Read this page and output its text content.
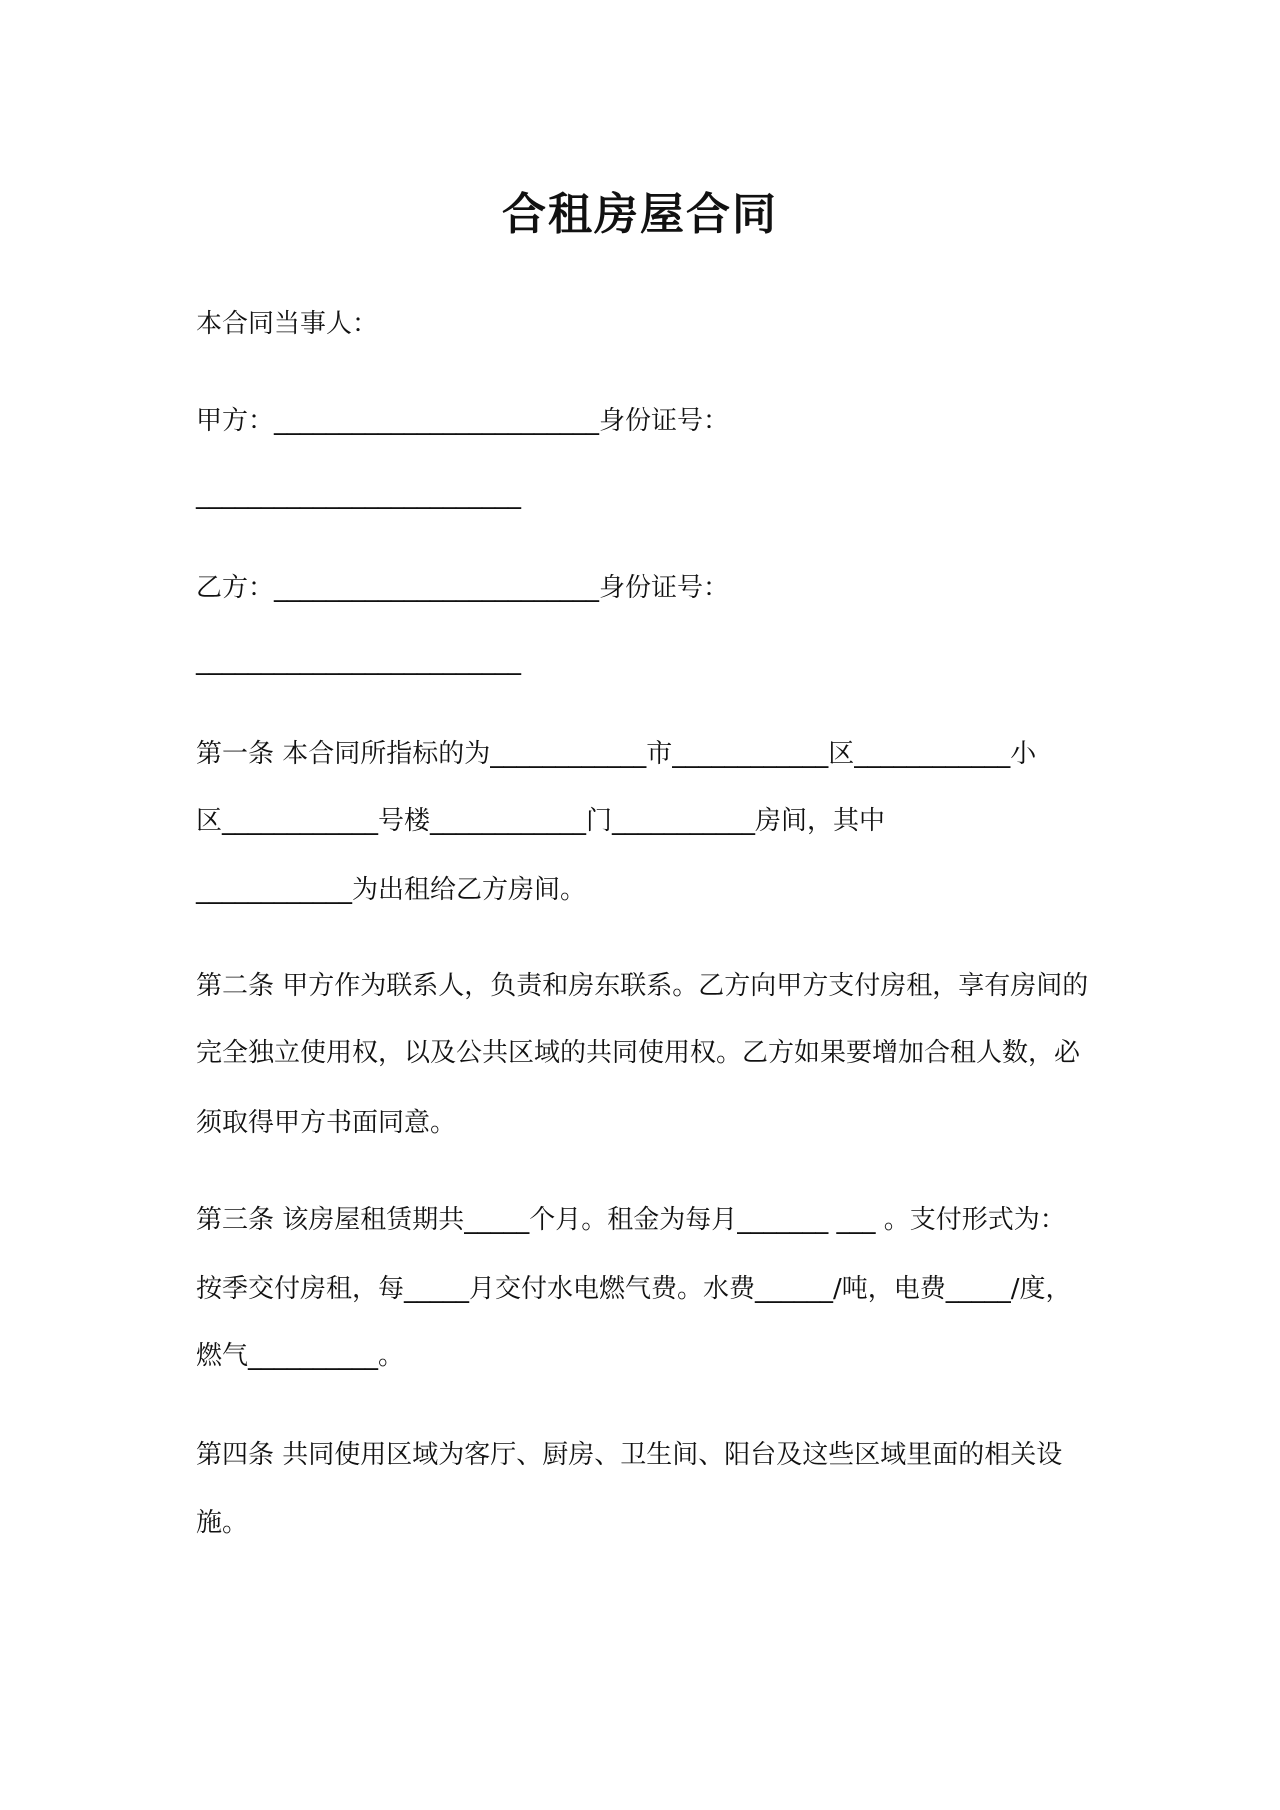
合租房屋合同
本合同当事人：
甲方：_________________________身份证号：
_________________________
乙方：_________________________身份证号：
_________________________
第一条 本合同所指标的为____________市____________区____________小
区____________号楼____________门___________房间，其中
____________为出租给乙方房间。
第二条 甲方作为联系人，负责和房东联系。乙方向甲方支付房租，享有房间的
完全独立使用权，以及公共区域的共同使用权。乙方如果要增加合租人数，必
须取得甲方书面同意。
第三条 该房屋租赁期共_____个月。租金为每月_______ ___ 。支付形式为：
按季交付房租，每_____月交付水电燃气费。水费______/吨，电费_____/度，
燃气__________。
第四条 共同使用区域为客厅、厨房、卫生间、阳台及这些区域里面的相关设
施。
